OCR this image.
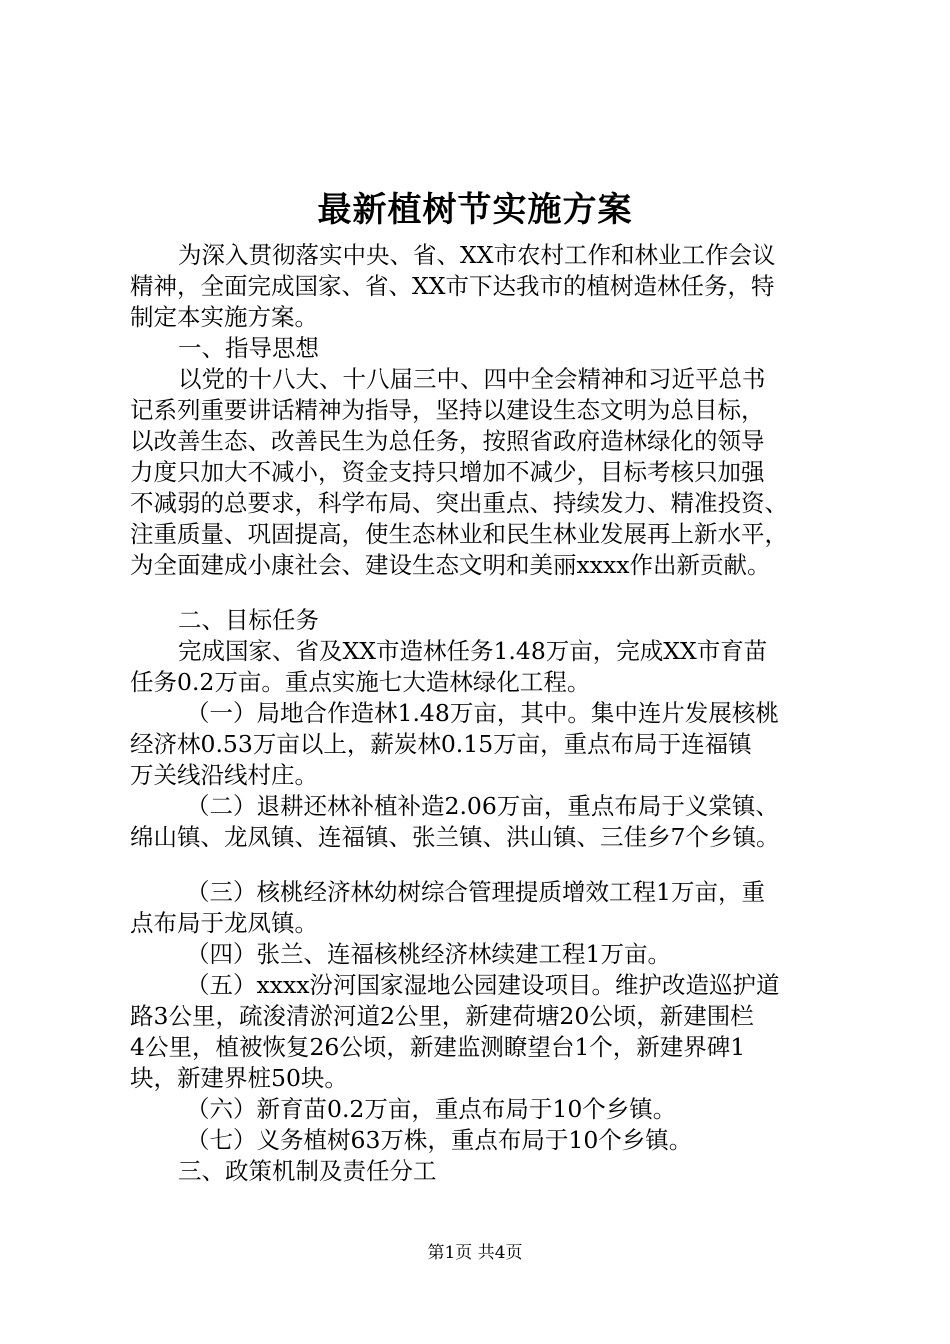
最新植树节实施方案
为深入贯彻落实中央、省、XX市农村工作和林业工作会议
精神，全面完成国家、省、XX市下达我市的植树造林任务，特
制定本实施方案。
一、指导思想
以党的十八大、十八届三中、四中全会精神和习近平总书
记系列重要讲话精神为指导，坚持以建设生态文明为总目标，
以改善生态、改善民生为总任务，按照省政府造林绿化的领导
力度只加大不减小，资金支持只增加不减少，目标考核只加强
不减弱的总要求，科学布局、突出重点、持续发力、精准投资、
注重质量、巩固提高，使生态林业和民生林业发展再上新水平，
为全面建成小康社会、建设生态文明和美丽xxxx作出新贡献。
二、目标任务
完成国家、省及XX市造林任务1.48万亩，完成XX市育苗
任务0.2万亩。重点实施七大造林绿化工程。
（一）局地合作造林1.48万亩，其中。集中连片发展核桃
经济林0.53万亩以上，薪炭林0.15万亩，重点布局于连福镇
万关线沿线村庄。
（二）退耕还林补植补造2.06万亩，重点布局于义棠镇、
绵山镇、龙凤镇、连福镇、张兰镇、洪山镇、三佳乡7个乡镇。
（三）核桃经济林幼树综合管理提质增效工程1万亩，重
点布局于龙凤镇。
（四）张兰、连福核桃经济林续建工程1万亩。
（五）xxxx汾河国家湿地公园建设项目。维护改造巡护道
路3公里，疏浚清淤河道2公里，新建荷塘20公顷，新建围栏
4公里，植被恢复26公顷，新建监测瞭望台1个，新建界碑1
块，新建界桩50块。
（六）新育苗0.2万亩，重点布局于10个乡镇。
（七）义务植树63万株，重点布局于10个乡镇。
三、政策机制及责任分工
第1页 共4页
